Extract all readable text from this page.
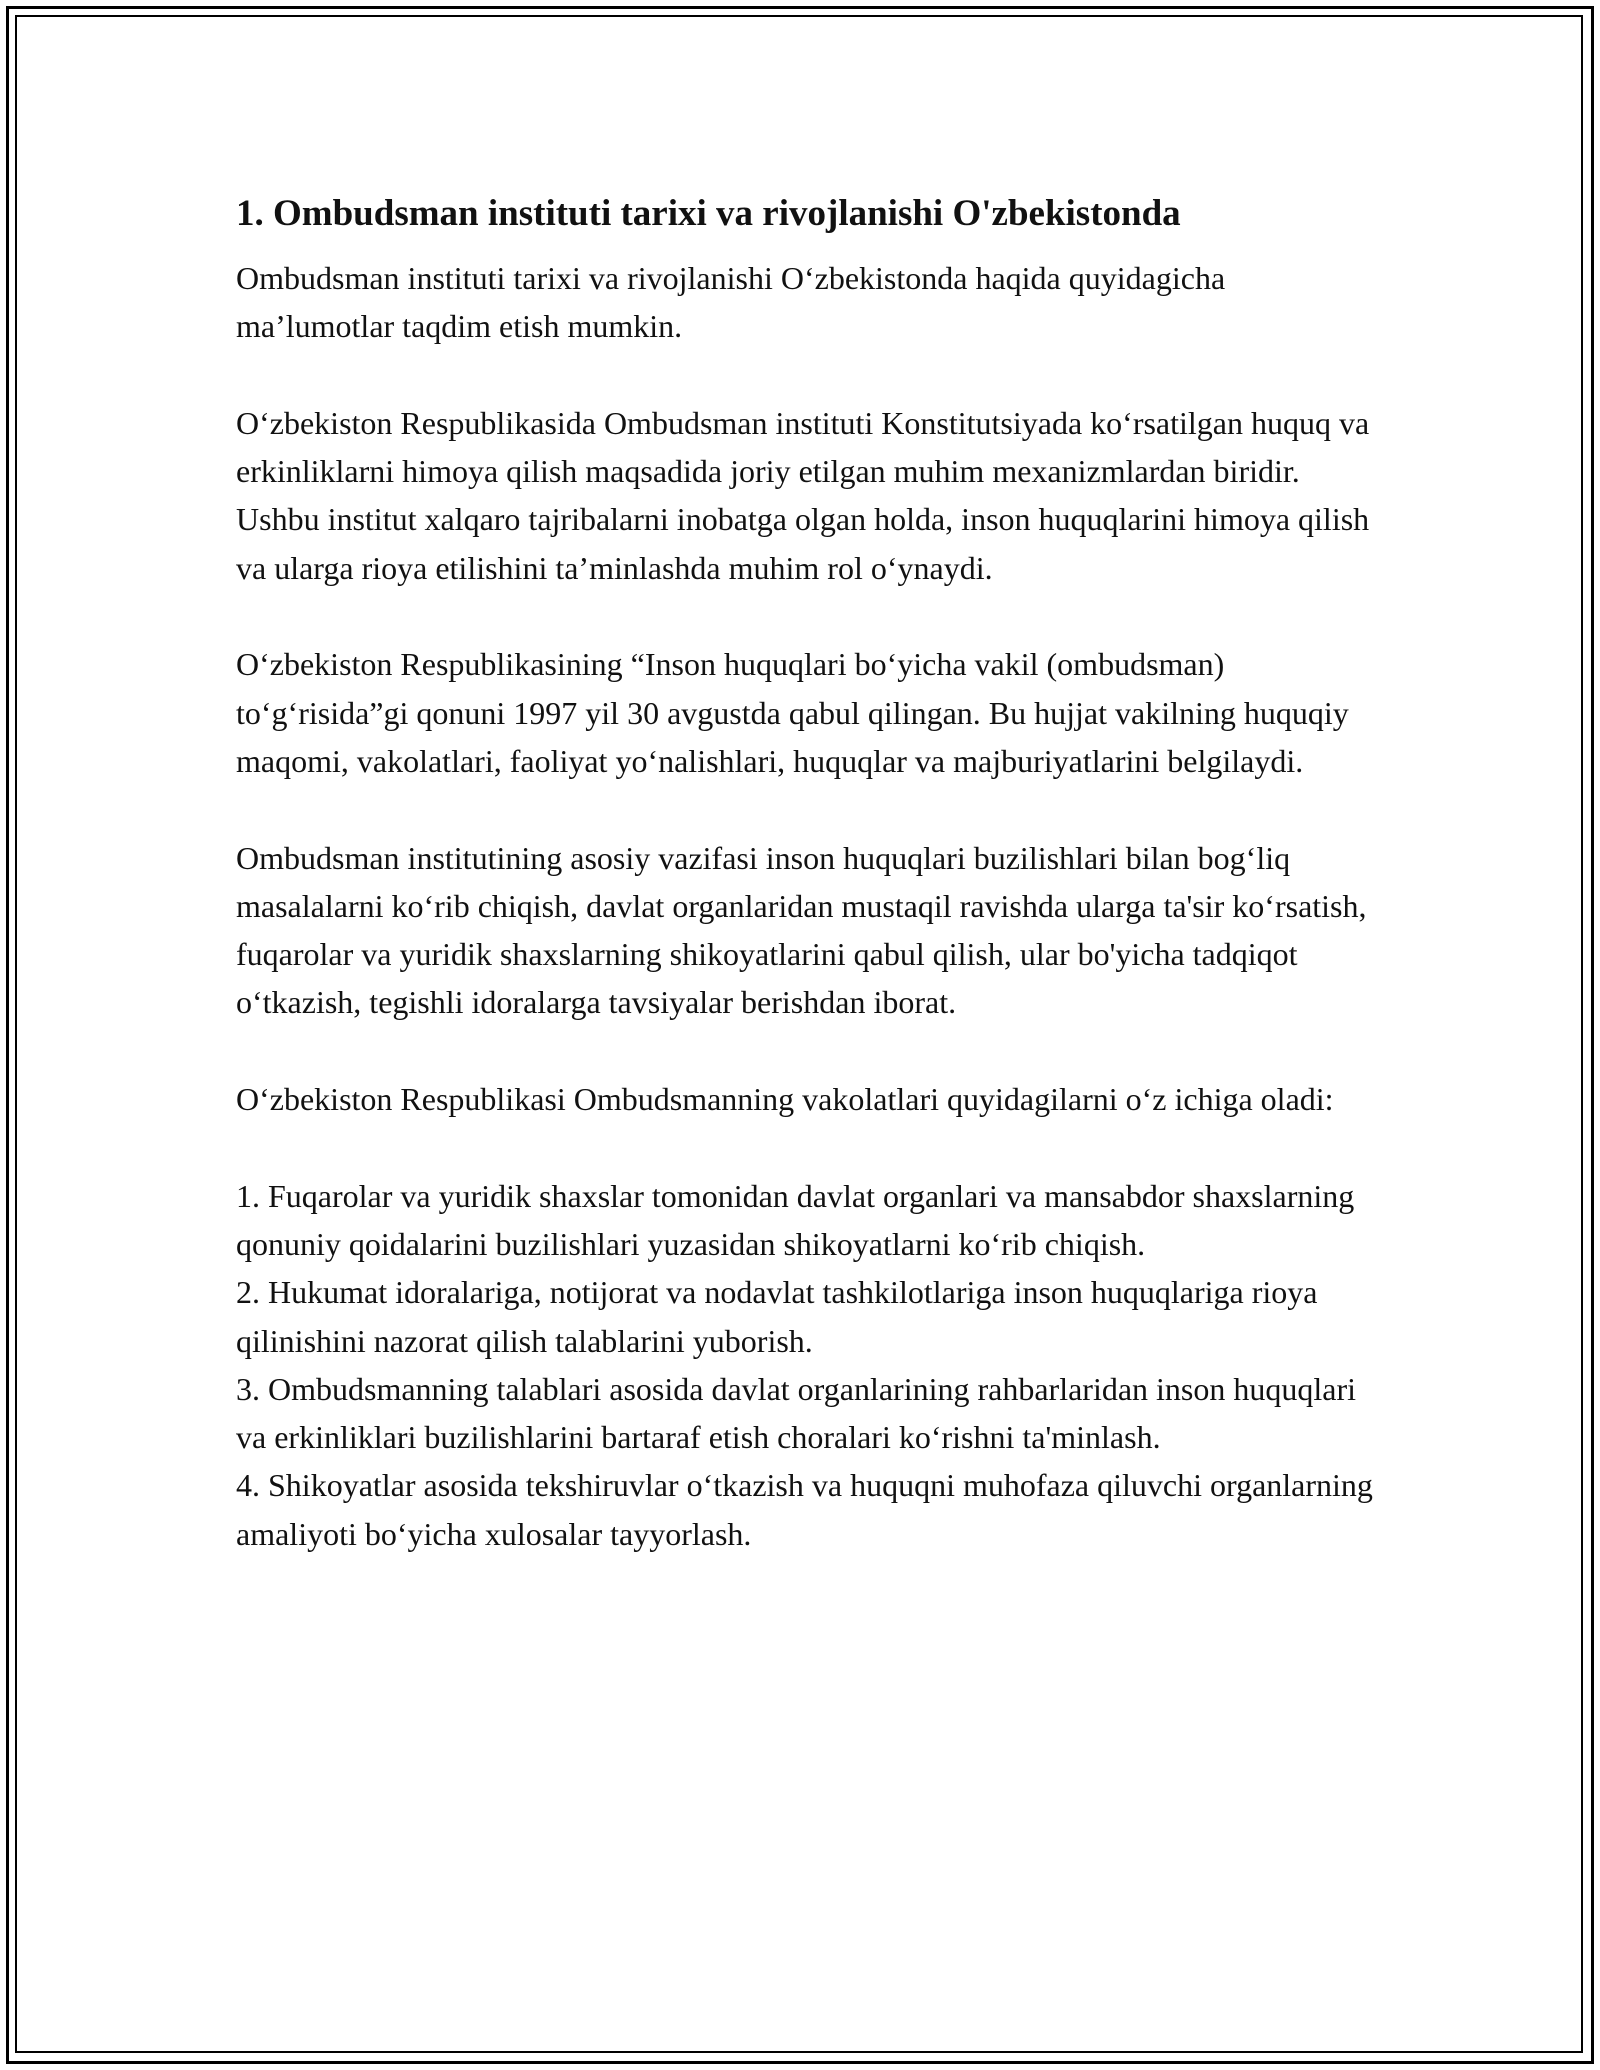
1. Ombudsman instituti tarixi va rivojlanishi O'zbekistonda

Ombudsman instituti tarixi va rivojlanishi O‘zbekistonda haqida quyidagicha ma’lumotlar taqdim etish mumkin.

O‘zbekiston Respublikasida Ombudsman instituti Konstitutsiyada ko‘rsatilgan huquq va erkinliklarni himoya qilish maqsadida joriy etilgan muhim mexanizmlardan biridir. Ushbu institut xalqaro tajribalarni inobatga olgan holda, inson huquqlarini himoya qilish va ularga rioya etilishini ta’minlashda muhim rol o‘ynaydi.

O‘zbekiston Respublikasining “Inson huquqlari bo‘yicha vakil (ombudsman) to‘g‘risida”gi qonuni 1997 yil 30 avgustda qabul qilingan. Bu hujjat vakilning huquqiy maqomi, vakolatlari, faoliyat yo‘nalishlari, huquqlar va majburiyatlarini belgilaydi.

Ombudsman institutining asosiy vazifasi inson huquqlari buzilishlari bilan bog‘liq masalalarni ko‘rib chiqish, davlat organlaridan mustaqil ravishda ularga ta'sir ko‘rsatish, fuqarolar va yuridik shaxslarning shikoyatlarini qabul qilish, ular bo'yicha tadqiqot o‘tkazish, tegishli idoralarga tavsiyalar berishdan iborat.

O‘zbekiston Respublikasi Ombudsmanning vakolatlari quyidagilarni o‘z ichiga oladi:

1. Fuqarolar va yuridik shaxslar tomonidan davlat organlari va mansabdor shaxslarning qonuniy qoidalarini buzilishlari yuzasidan shikoyatlarni ko‘rib chiqish.
2. Hukumat idoralariga, notijorat va nodavlat tashkilotlariga inson huquqlariga rioya qilinishini nazorat qilish talablarini yuborish.
3. Ombudsmanning talablari asosida davlat organlarining rahbarlaridan inson huquqlari va erkinliklari buzilishlarini bartaraf etish choralari ko‘rishni ta'minlash.
4. Shikoyatlar asosida tekshiruvlar o‘tkazish va huquqni muhofaza qiluvchi organlarning amaliyoti bo‘yicha xulosalar tayyorlash.
